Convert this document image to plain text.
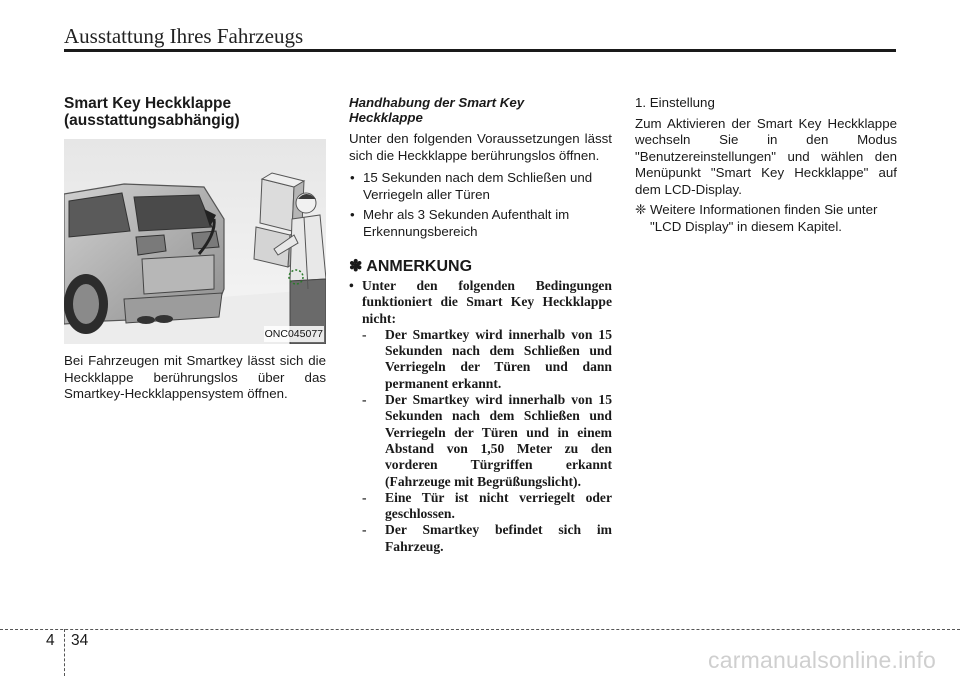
Ausstattung Ihres Fahrzeugs
Smart Key Heckklappe
(ausstattungsabhängig)
ONC045077

Bei Fahrzeugen mit Smartkey lässt sich die Heckklappe berührungslos über das Smartkey-Heckklappensystem öffnen.

Handhabung der Smart Key
Heckklappe

Unter den folgenden Voraussetzungen lässt sich die Heckklappe berührungslos öffnen.

• 15 Sekunden nach dem Schließen und Verriegeln aller Türen
• Mehr als 3 Sekunden Aufenthalt im Erkennungsbereich
✽ ANMERKUNG
• Unter den folgenden Bedingungen funktioniert die Smart Key Heckklappe nicht:
- Der Smartkey wird innerhalb von 15 Sekunden nach dem Schließen und Verriegeln der Türen und dann permanent erkannt.
- Der Smartkey wird innerhalb von 15 Sekunden nach dem Schließen und Verriegeln der Türen und in einem Abstand von 1,50 Meter zu den vorderen Türgriffen erkannt (Fahrzeuge mit Begrüßungslicht).
- Eine Tür ist nicht verriegelt oder geschlossen.
- Der Smartkey befindet sich im Fahrzeug.

1. Einstellung

Zum Aktivieren der Smart Key Heckklappe wechseln Sie in den Modus "Benutzereinstellungen" und wählen den Menüpunkt "Smart Key Heckklappe" auf dem LCD-Display.

❈ Weitere Informationen finden Sie unter "LCD Display" in diesem Kapitel.
4 34
carmanualsonline.info
